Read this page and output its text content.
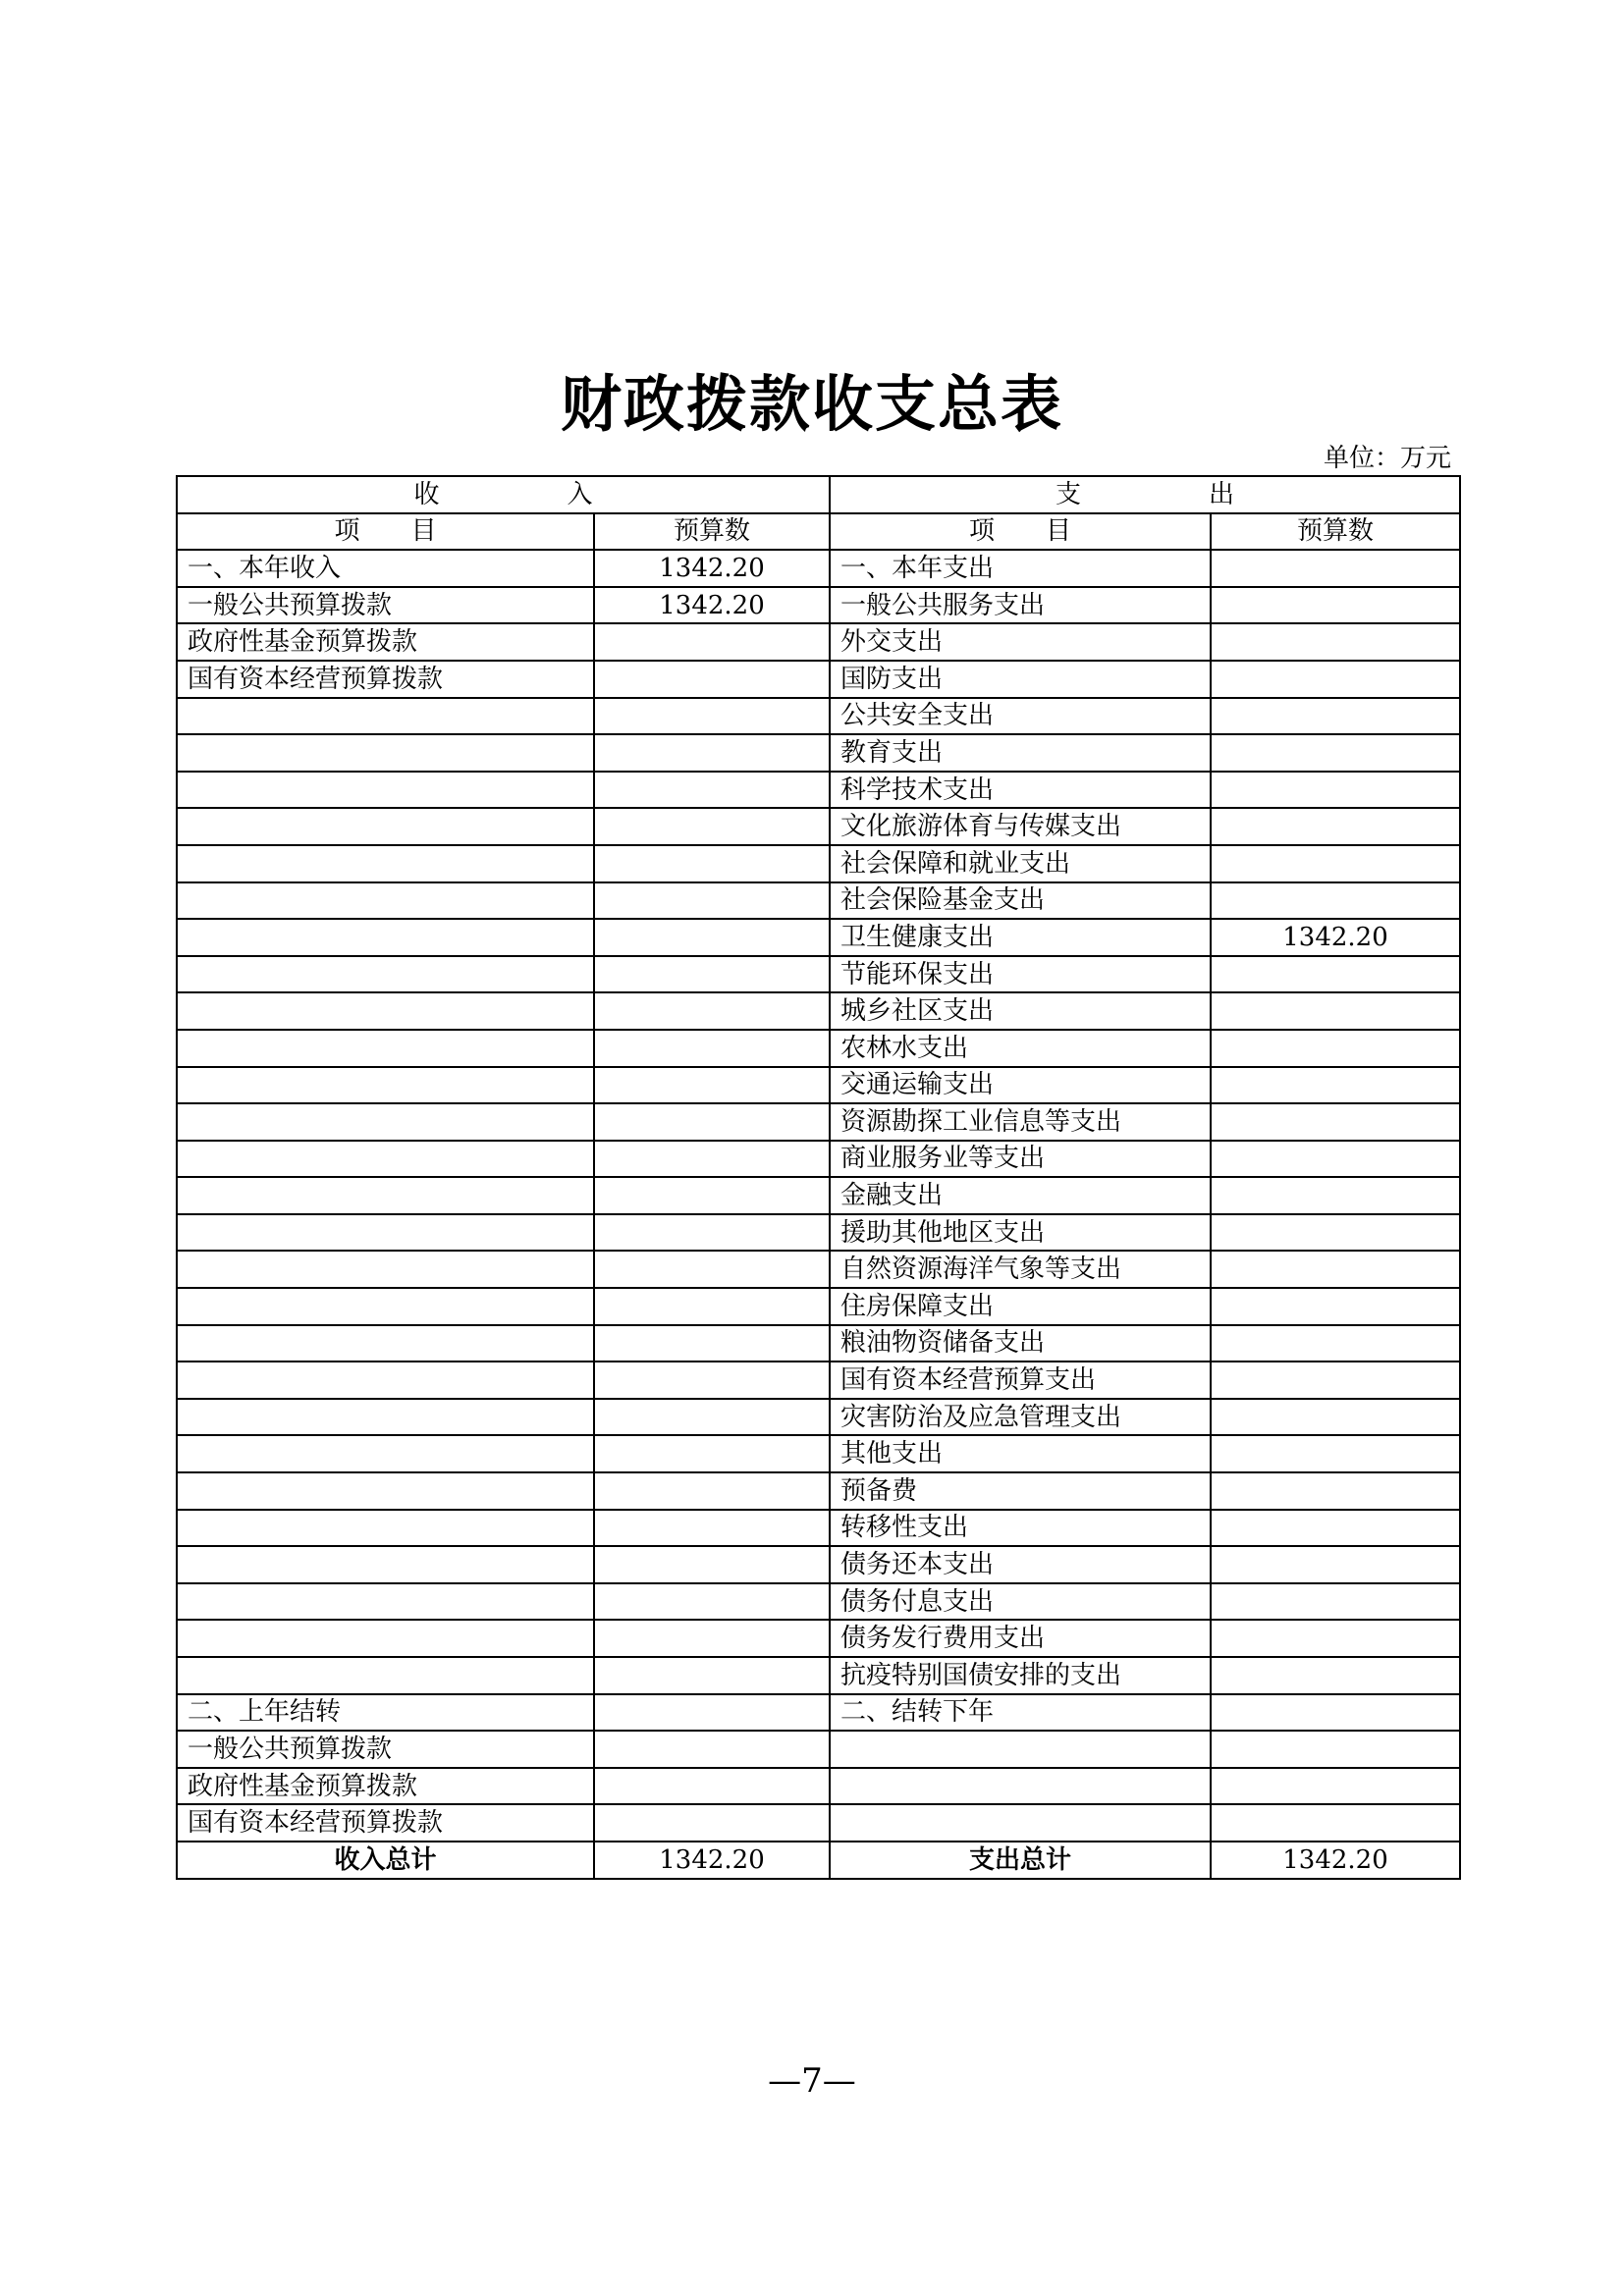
财政拨款收支总表
单位：万元
收　　　　　入		支　　　　　出	
项　　目	预算数	项　　目	预算数
一、本年收入	1342.20	一、本年支出	
一般公共预算拨款	1342.20	一般公共服务支出	
政府性基金预算拨款		外交支出	
国有资本经营预算拨款		国防支出	
		公共安全支出	
		教育支出	
		科学技术支出	
		文化旅游体育与传媒支出	
		社会保障和就业支出	
		社会保险基金支出	
		卫生健康支出	1342.20
		节能环保支出	
		城乡社区支出	
		农林水支出	
		交通运输支出	
		资源勘探工业信息等支出	
		商业服务业等支出	
		金融支出	
		援助其他地区支出	
		自然资源海洋气象等支出	
		住房保障支出	
		粮油物资储备支出	
		国有资本经营预算支出	
		灾害防治及应急管理支出	
		其他支出	
		预备费	
		转移性支出	
		债务还本支出	
		债务付息支出	
		债务发行费用支出	
		抗疫特别国债安排的支出	
二、上年结转		二、结转下年	
一般公共预算拨款			
政府性基金预算拨款			
国有资本经营预算拨款			
收入总计	1342.20	支出总计	1342.20
—7—
